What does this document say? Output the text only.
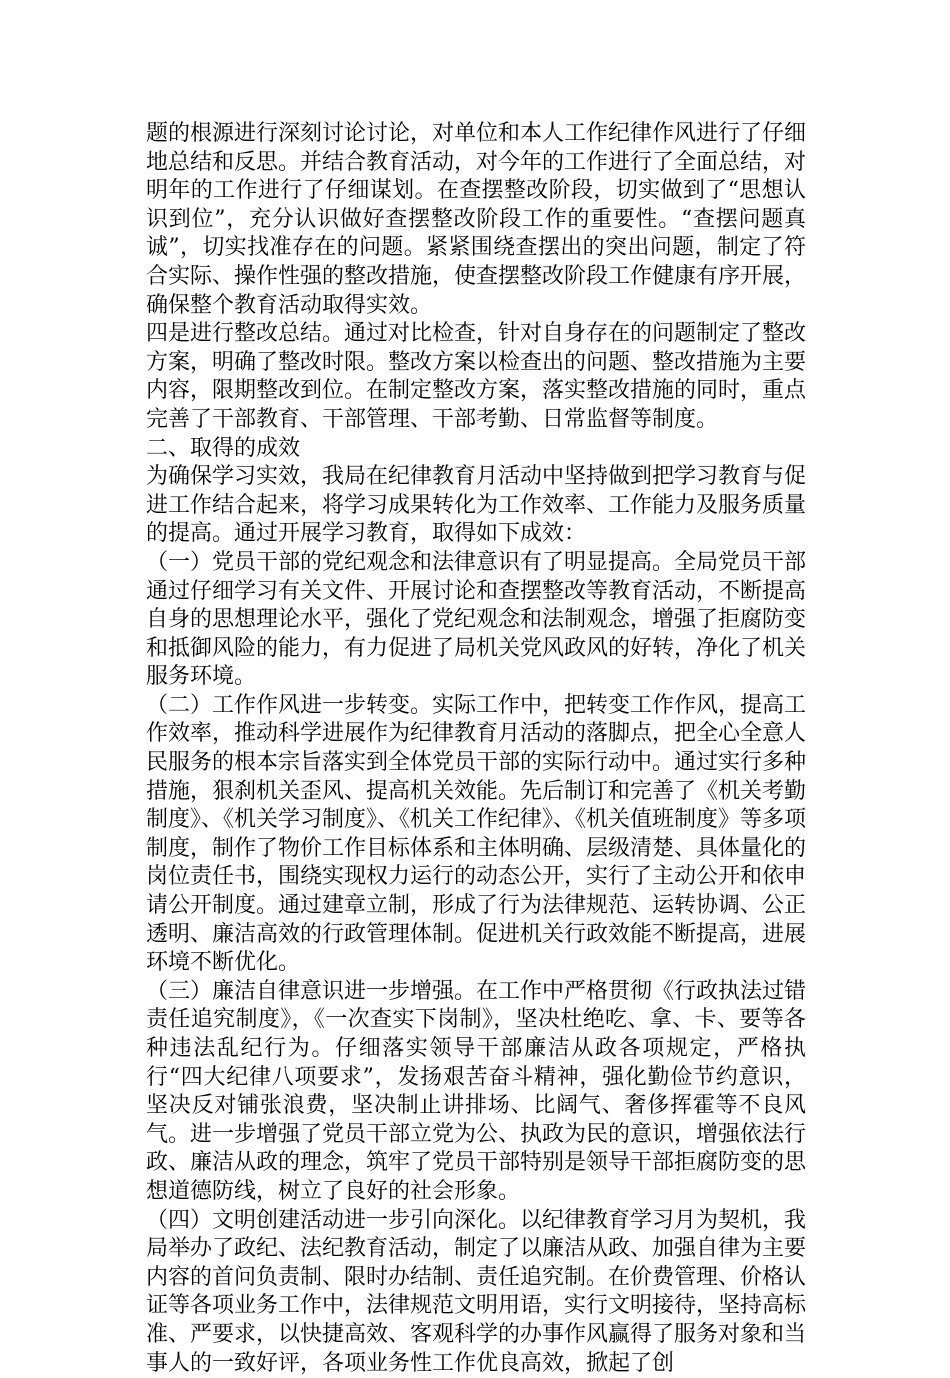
题的根源进行深刻讨论讨论，对单位和本人工作纪律作风进行了仔细地总结和反思。并结合教育活动，对今年的工作进行了全面总结，对明年的工作进行了仔细谋划。在查摆整改阶段，切实做到了“思想认识到位”，充分认识做好查摆整改阶段工作的重要性。“查摆问题真诚”，切实找准存在的问题。紧紧围绕查摆出的突出问题，制定了符合实际、操作性强的整改措施，使查摆整改阶段工作健康有序开展，确保整个教育活动取得实效。

四是进行整改总结。通过对比检查，针对自身存在的问题制定了整改方案，明确了整改时限。整改方案以检查出的问题、整改措施为主要内容，限期整改到位。在制定整改方案，落实整改措施的同时，重点完善了干部教育、干部管理、干部考勤、日常监督等制度。

二、取得的成效

为确保学习实效，我局在纪律教育月活动中坚持做到把学习教育与促进工作结合起来，将学习成果转化为工作效率、工作能力及服务质量的提高。通过开展学习教育，取得如下成效：

（一）党员干部的党纪观念和法律意识有了明显提高。全局党员干部通过仔细学习有关文件、开展讨论和查摆整改等教育活动，不断提高自身的思想理论水平，强化了党纪观念和法制观念，增强了拒腐防变和抵御风险的能力，有力促进了局机关党风政风的好转，净化了机关服务环境。

（二）工作作风进一步转变。实际工作中，把转变工作作风，提高工作效率，推动科学进展作为纪律教育月活动的落脚点，把全心全意人民服务的根本宗旨落实到全体党员干部的实际行动中。通过实行多种措施，狠刹机关歪风、提高机关效能。先后制订和完善了《机关考勤制度》、《机关学习制度》、《机关工作纪律》、《机关值班制度》等多项制度，制作了物价工作目标体系和主体明确、层级清楚、具体量化的岗位责任书，围绕实现权力运行的动态公开，实行了主动公开和依申请公开制度。通过建章立制，形成了行为法律规范、运转协调、公正透明、廉洁高效的行政管理体制。促进机关行政效能不断提高，进展环境不断优化。

（三）廉洁自律意识进一步增强。在工作中严格贯彻《行政执法过错责任追究制度》，《一次查实下岗制》，坚决杜绝吃、拿、卡、要等各种违法乱纪行为。仔细落实领导干部廉洁从政各项规定，严格执行“四大纪律八项要求”，发扬艰苦奋斗精神，强化勤俭节约意识，坚决反对铺张浪费，坚决制止讲排场、比阔气、奢侈挥霍等不良风气。进一步增强了党员干部立党为公、执政为民的意识，增强依法行政、廉洁从政的理念，筑牢了党员干部特别是领导干部拒腐防变的思想道德防线，树立了良好的社会形象。

（四）文明创建活动进一步引向深化。以纪律教育学习月为契机，我局举办了政纪、法纪教育活动，制定了以廉洁从政、加强自律为主要内容的首问负责制、限时办结制、责任追究制。在价费管理、价格认证等各项业务工作中，法律规范文明用语，实行文明接待，坚持高标准、严要求，以快捷高效、客观科学的办事作风赢得了服务对象和当事人的一致好评，各项业务性工作优良高效，掀起了创
